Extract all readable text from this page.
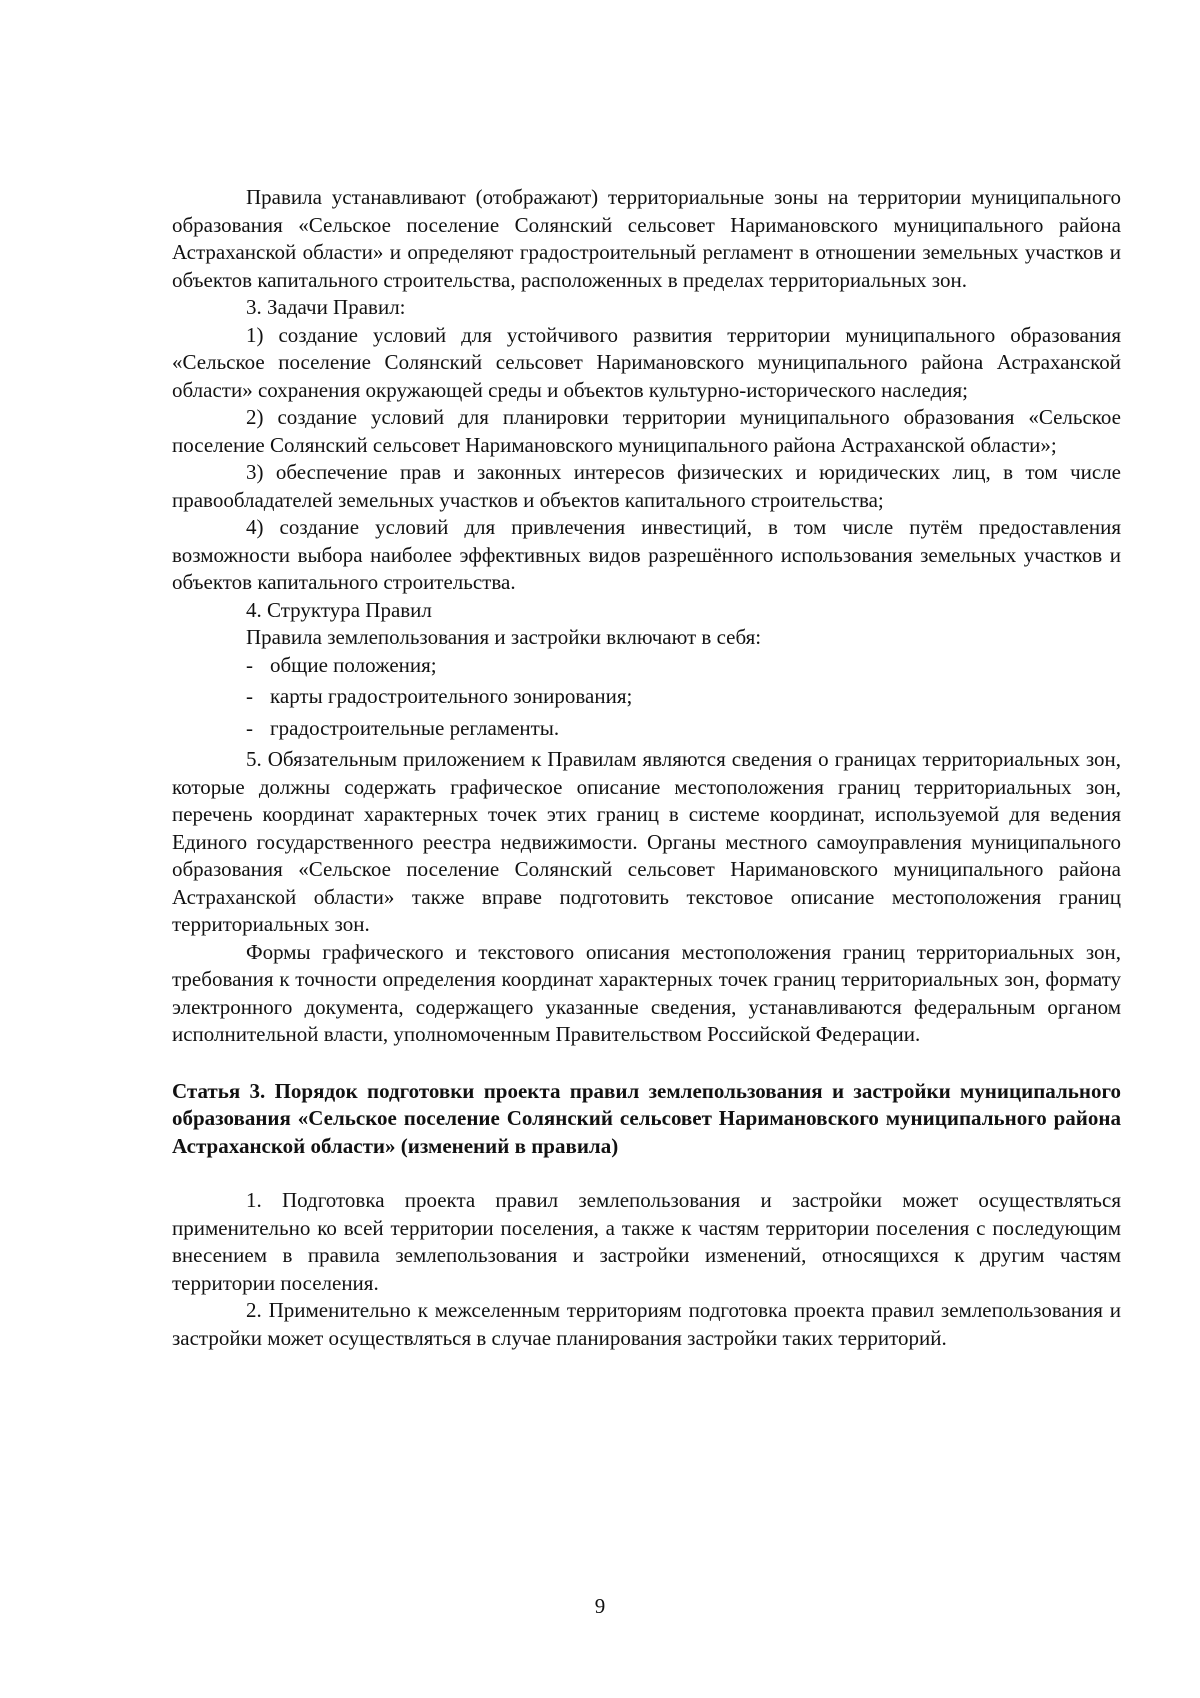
Правила устанавливают (отображают) территориальные зоны на территории муниципального образования «Сельское поселение Солянский сельсовет Наримановского муниципального района Астраханской области» и определяют градостроительный регламент в отношении земельных участков и объектов капитального строительства, расположенных в пределах территориальных зон.

3. Задачи Правил:

1) создание условий для устойчивого развития территории муниципального образования «Сельское поселение Солянский сельсовет Наримановского муниципального района Астраханской области» сохранения окружающей среды и объектов культурно-исторического наследия;

2) создание условий для планировки территории муниципального образования «Сельское поселение Солянский сельсовет Наримановского муниципального района Астраханской области»;

3) обеспечение прав и законных интересов физических и юридических лиц, в том числе правообладателей земельных участков и объектов капитального строительства;

4) создание условий для привлечения инвестиций, в том числе путём предоставления возможности выбора наиболее эффективных видов разрешённого использования земельных участков и объектов капитального строительства.

4. Структура Правил

Правила землепользования и застройки включают в себя:

- общие положения;
- карты градостроительного зонирования;
- градостроительные регламенты.

5. Обязательным приложением к Правилам являются сведения о границах территориальных зон, которые должны содержать графическое описание местоположения границ территориальных зон, перечень координат характерных точек этих границ в системе координат, используемой для ведения Единого государственного реестра недвижимости. Органы местного самоуправления муниципального образования «Сельское поселение Солянский сельсовет Наримановского муниципального района Астраханской области» также вправе подготовить текстовое описание местоположения границ территориальных зон.

Формы графического и текстового описания местоположения границ территориальных зон, требования к точности определения координат характерных точек границ территориальных зон, формату электронного документа, содержащего указанные сведения, устанавливаются федеральным органом исполнительной власти, уполномоченным Правительством Российской Федерации.

Статья 3. Порядок подготовки проекта правил землепользования и застройки муниципального образования «Сельское поселение Солянский сельсовет Наримановского муниципального района Астраханской области» (изменений в правила)

1. Подготовка проекта правил землепользования и застройки может осуществляться применительно ко всей территории поселения, а также к частям территории поселения с последующим внесением в правила землепользования и застройки изменений, относящихся к другим частям территории поселения.

2. Применительно к межселенным территориям подготовка проекта правил землепользования и застройки может осуществляться в случае планирования застройки таких территорий.

9
